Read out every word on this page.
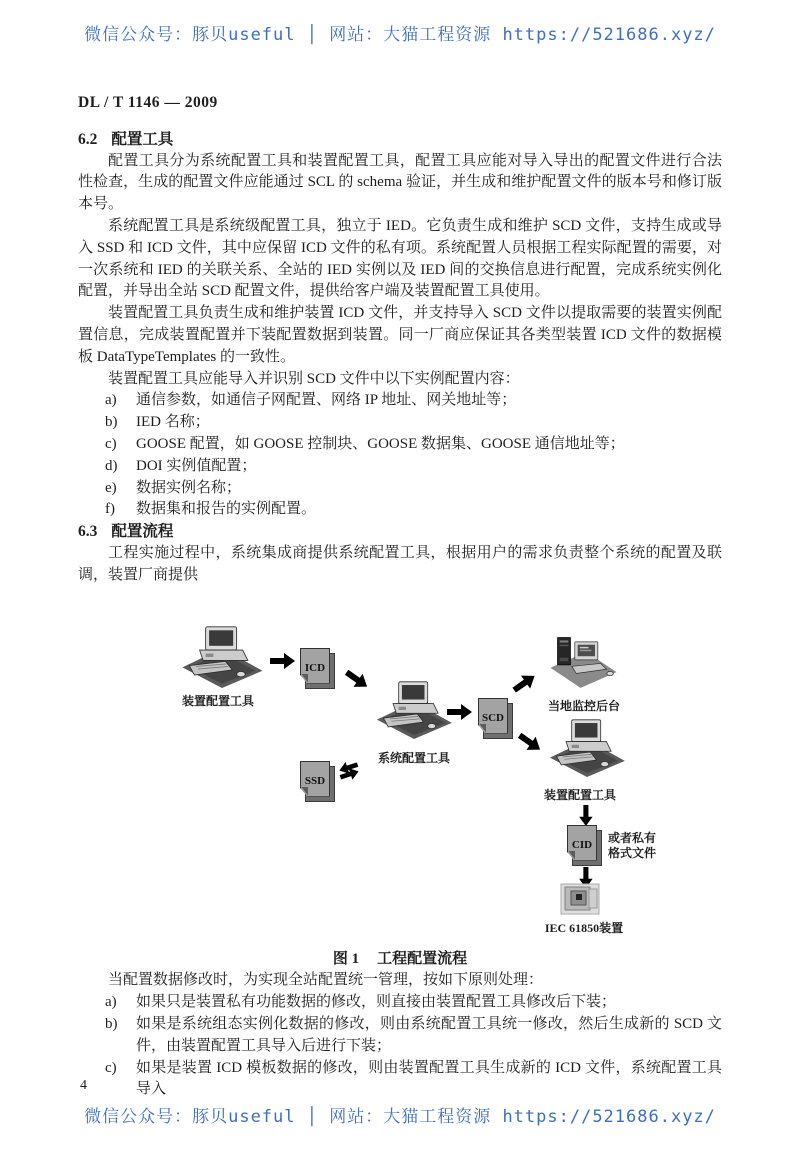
微信公众号：豚贝useful │ 网站：大猫工程资源 https://521686.xyz/
DL / T 1146 — 2009
6.2 配置工具

配置工具分为系统配置工具和装置配置工具，配置工具应能对导入导出的配置文件进行合法性检查，生成的配置文件应能通过 SCL 的 schema 验证，并生成和维护配置文件的版本号和修订版本号。

系统配置工具是系统级配置工具，独立于 IED。它负责生成和维护 SCD 文件，支持生成或导入 SSD 和 ICD 文件，其中应保留 ICD 文件的私有项。系统配置人员根据工程实际配置的需要，对一次系统和 IED 的关联关系、全站的 IED 实例以及 IED 间的交换信息进行配置，完成系统实例化配置，并导出全站 SCD 配置文件，提供给客户端及装置配置工具使用。

装置配置工具负责生成和维护装置 ICD 文件，并支持导入 SCD 文件以提取需要的装置实例配置信息，完成装置配置并下装配置数据到装置。同一厂商应保证其各类型装置 ICD 文件的数据模板 DataTypeTemplates 的一致性。

装置配置工具应能导入并识别 SCD 文件中以下实例配置内容：

a)	通信参数，如通信子网配置、网络 IP 地址、网关地址等；
b)	IED 名称；
c)	GOOSE 配置，如 GOOSE 控制块、GOOSE 数据集、GOOSE 通信地址等；
d)	DOI 实例值配置；
e)	数据实例名称；
f)	数据集和报告的实例配置。
6.3 配置流程

工程实施过程中，系统集成商提供系统配置工具，根据用户的需求负责整个系统的配置及联调，装置厂商提供

装置配置工具
ICD
系统配置工具
SSD
SCD
当地监控后台
装置配置工具
CID	或者私有
格式文件
IEC 61850装置
图 1 工程配置流程

当配置数据修改时，为实现全站配置统一管理，按如下原则处理：

a)	如果只是装置私有功能数据的修改，则直接由装置配置工具修改后下装；
b)	如果是系统组态实例化数据的修改，则由系统配置工具统一修改，然后生成新的 SCD 文件，由装置配置工具导入后进行下装；
c)	如果是装置 ICD 模板数据的修改，则由装置配置工具生成新的 ICD 文件，系统配置工具导入
4
微信公众号：豚贝useful │ 网站：大猫工程资源 https://521686.xyz/
